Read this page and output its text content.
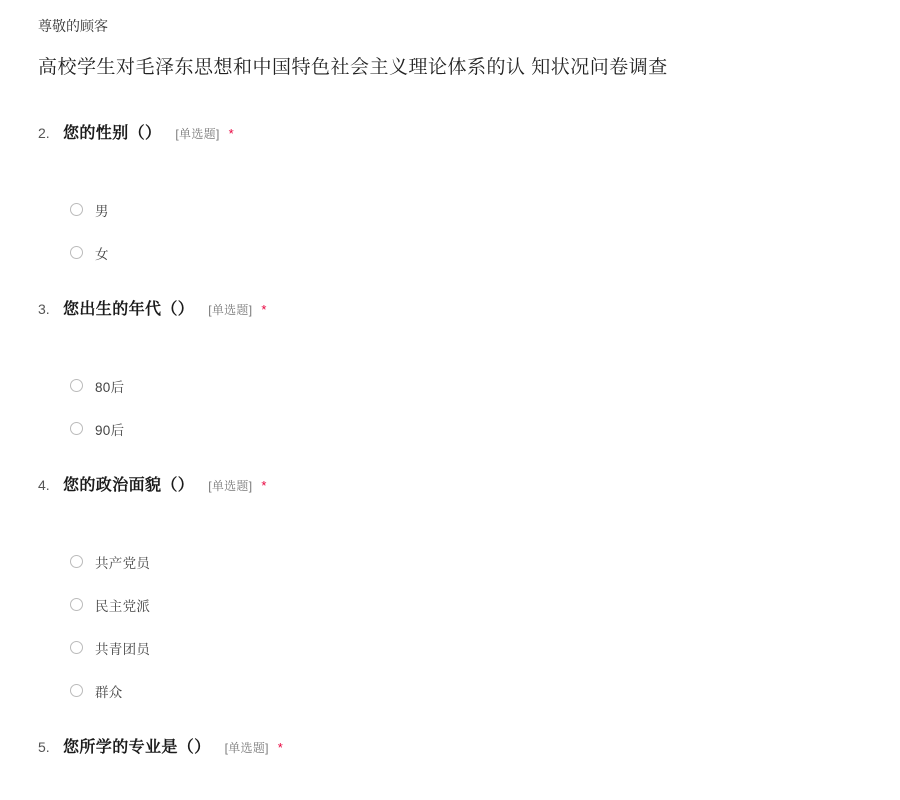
尊敬的顾客
高校学生对毛泽东思想和中国特色社会主义理论体系的认 知状况问卷调查
2. 您的性别（） [单选题] *
男
女
3. 您出生的年代（） [单选题] *
80后
90后
4. 您的政治面貌（） [单选题] *
共产党员
民主党派
共青团员
群众
5. 您所学的专业是（） [单选题] *
